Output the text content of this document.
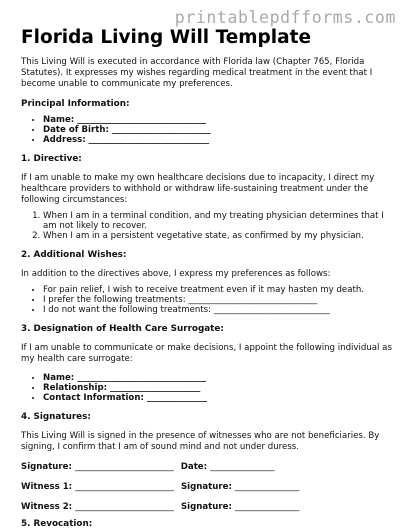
printablepdfforms.com
Florida Living Will Template

This Living Will is executed in accordance with Florida law (Chapter 765, Florida Statutes). It expresses my wishes regarding medical treatment in the event that I become unable to communicate my preferences.

Principal Information:
• Name: ______________________________
• Date of Birth: _______________________
• Address: ____________________________
1. Directive:

If I am unable to make my own healthcare decisions due to incapacity, I direct my healthcare providers to withhold or withdraw life-sustaining treatment under the following circumstances:

1. When I am in a terminal condition, and my treating physician determines that I am not likely to recover.
2. When I am in a persistent vegetative state, as confirmed by my physician.
2. Additional Wishes:

In addition to the directives above, I express my preferences as follows:

• For pain relief, I wish to receive treatment even if it may hasten my death.
• I prefer the following treatments: ______________________________
• I do not want the following treatments: ___________________________
3. Designation of Health Care Surrogate:

If I am unable to communicate or make decisions, I appoint the following individual as my health care surrogate:

• Name: ______________________________
• Relationship: _____________________
• Contact Information: ______________
4. Signatures:

This Living Will is signed in the presence of witnesses who are not beneficiaries. By signing, I confirm that I am of sound mind and not under duress.

Signature: _______________________ Date: _______________
Witness 1: _______________________ Signature: _______________
Witness 2: _______________________ Signature: _______________
5. Revocation:
